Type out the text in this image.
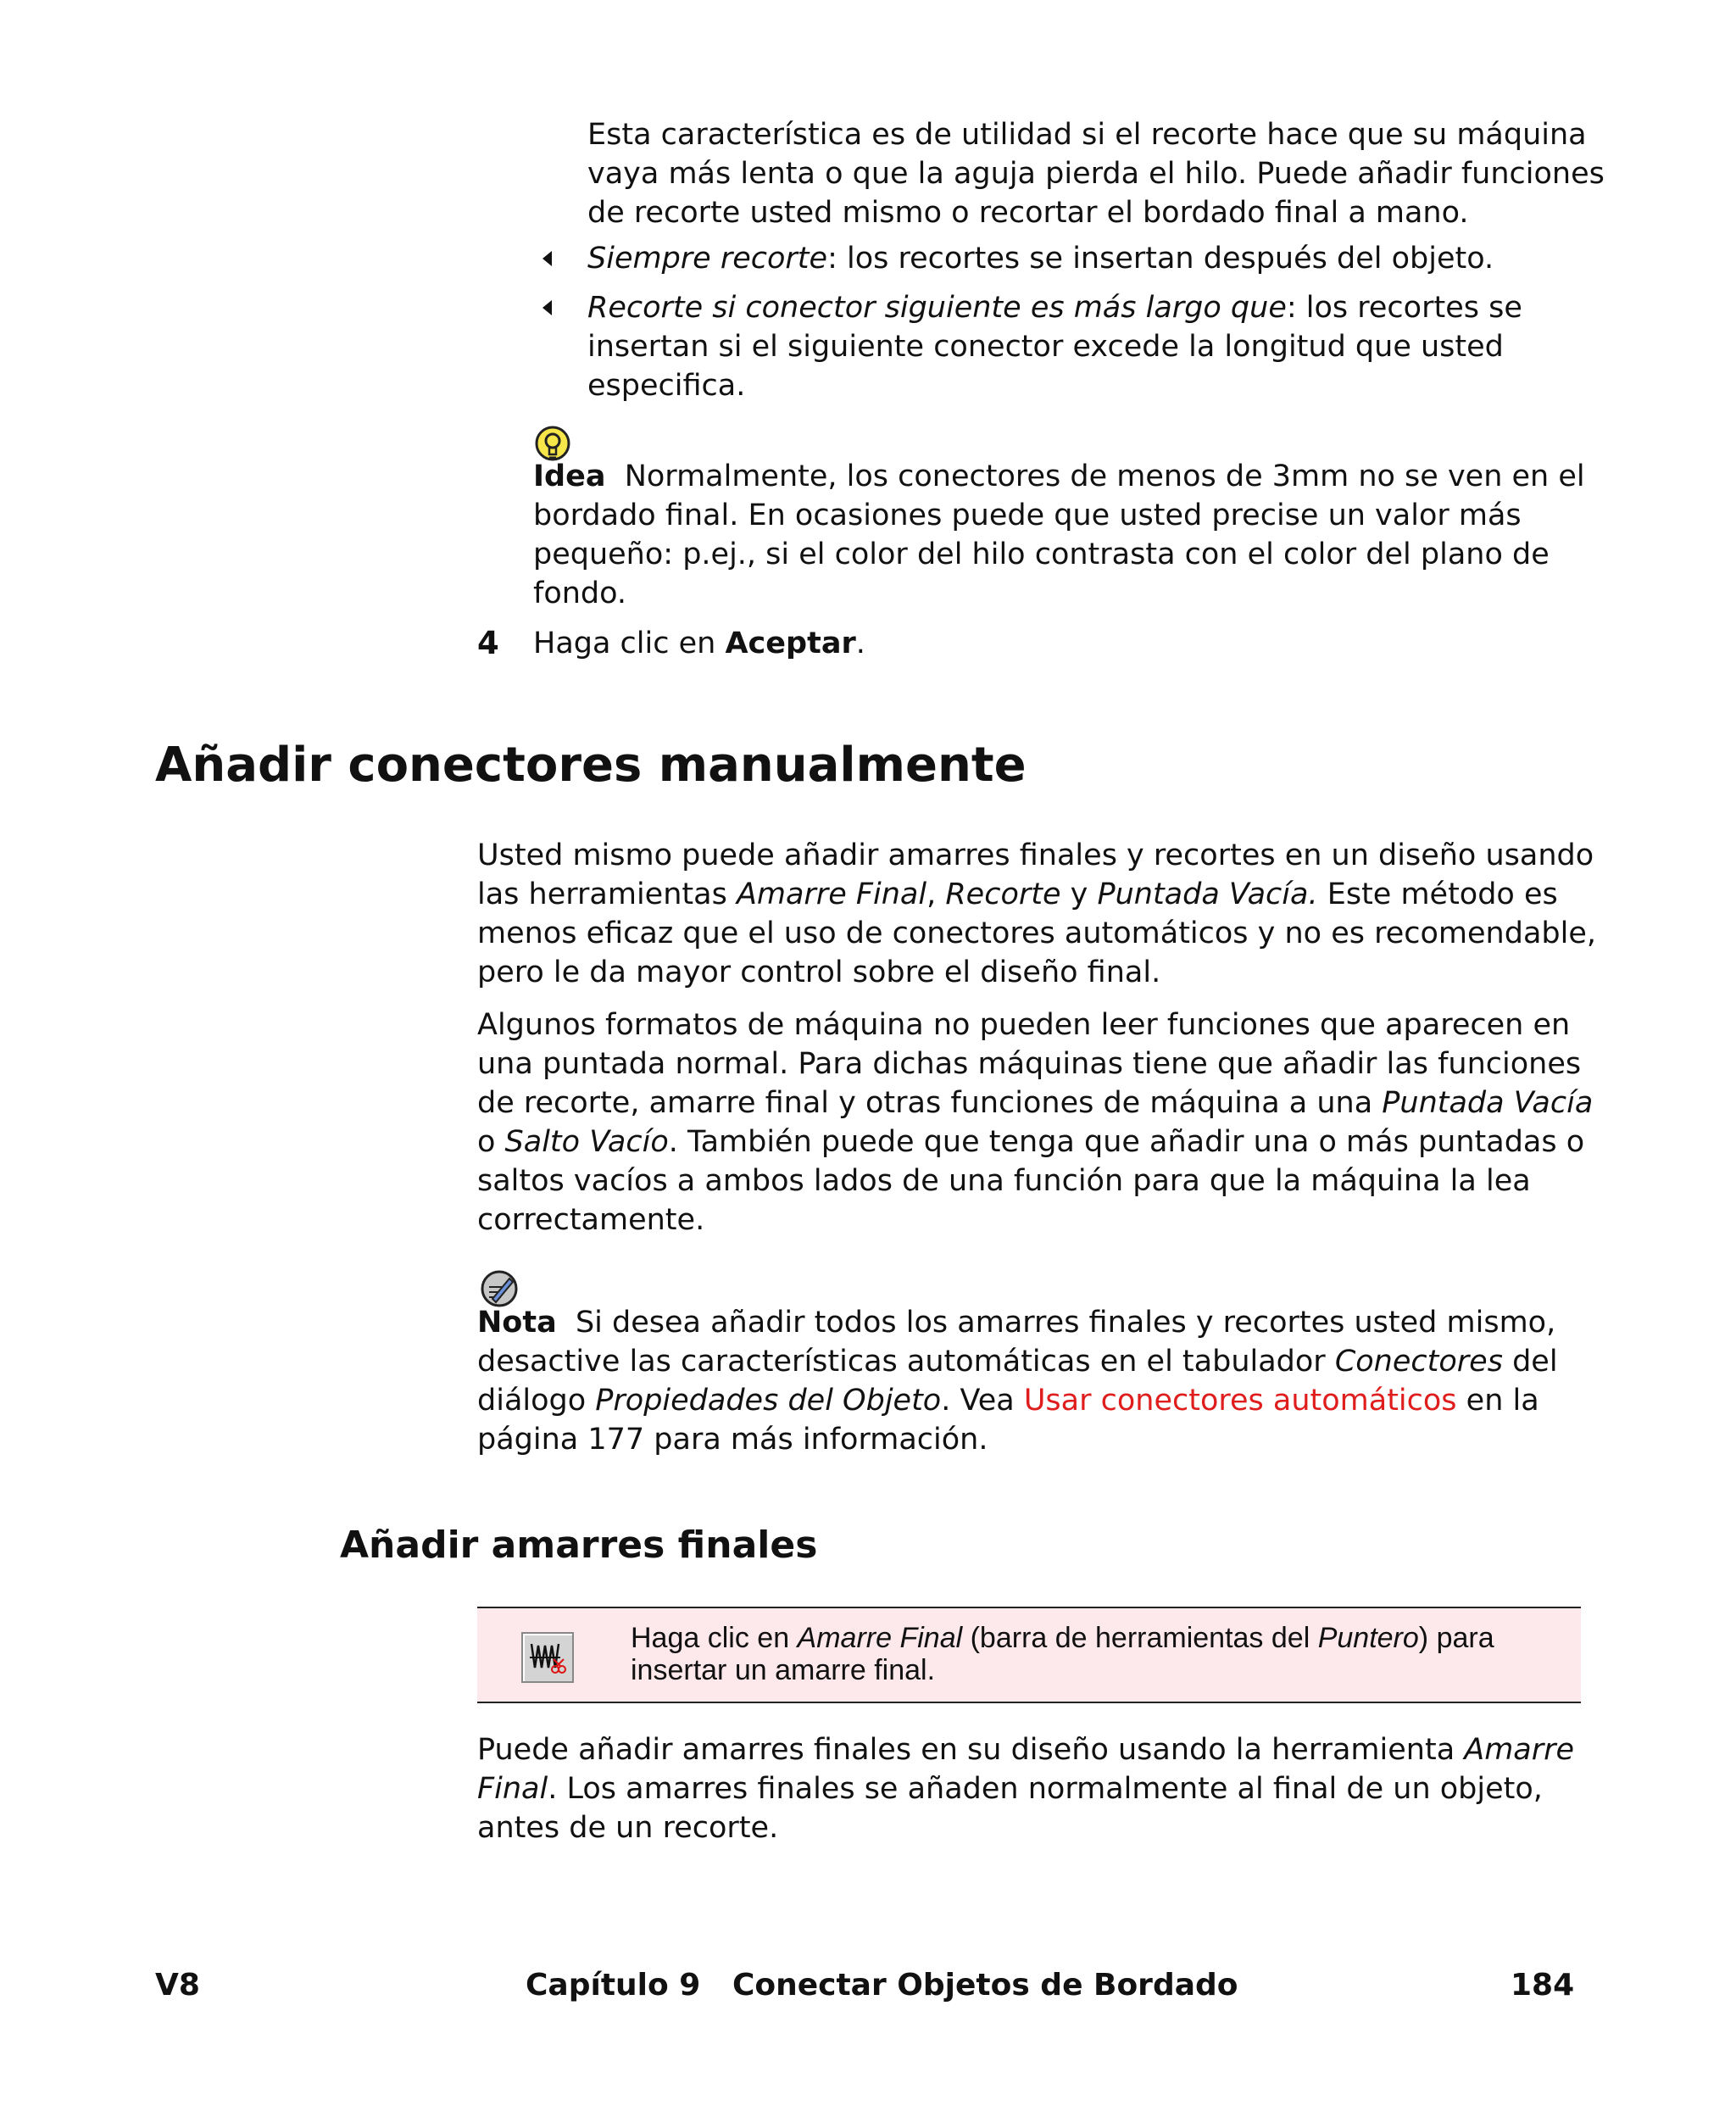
Esta característica es de utilidad si el recorte hace que su máquina

vaya más lenta o que la aguja pierda el hilo. Puede añadir funciones

de recorte usted mismo o recortar el bordado final a mano.

Siempre recorte: los recortes se insertan después del objeto.

Recorte si conector siguiente es más largo que: los recortes se

insertan si el siguiente conector excede la longitud que usted

especifica.

Idea Normalmente, los conectores de menos de 3mm no se ven en el

bordado final. En ocasiones puede que usted precise un valor más

pequeño: p.ej., si el color del hilo contrasta con el color del plano de

fondo.

4 Haga clic en Aceptar.

Añadir conectores manualmente

Usted mismo puede añadir amarres finales y recortes en un diseño usando

las herramientas Amarre Final, Recorte y Puntada Vacía. Este método es

menos eficaz que el uso de conectores automáticos y no es recomendable,

pero le da mayor control sobre el diseño final.

Algunos formatos de máquina no pueden leer funciones que aparecen en

una puntada normal. Para dichas máquinas tiene que añadir las funciones

de recorte, amarre final y otras funciones de máquina a una Puntada Vacía

o Salto Vacío. También puede que tenga que añadir una o más puntadas o

saltos vacíos a ambos lados de una función para que la máquina la lea

correctamente.

Nota Si desea añadir todos los amarres finales y recortes usted mismo,

desactive las características automáticas en el tabulador Conectores del

diálogo Propiedades del Objeto. Vea Usar conectores automáticos en la

página 177 para más información.

Añadir amarres finales
Haga clic en Amarre Final (barra de herramientas del Puntero) para
insertar un amarre final.

Puede añadir amarres finales en su diseño usando la herramienta Amarre

Final. Los amarres finales se añaden normalmente al final de un objeto,

antes de un recorte.

V8	Capítulo 9 Conectar Objetos de Bordado	184
